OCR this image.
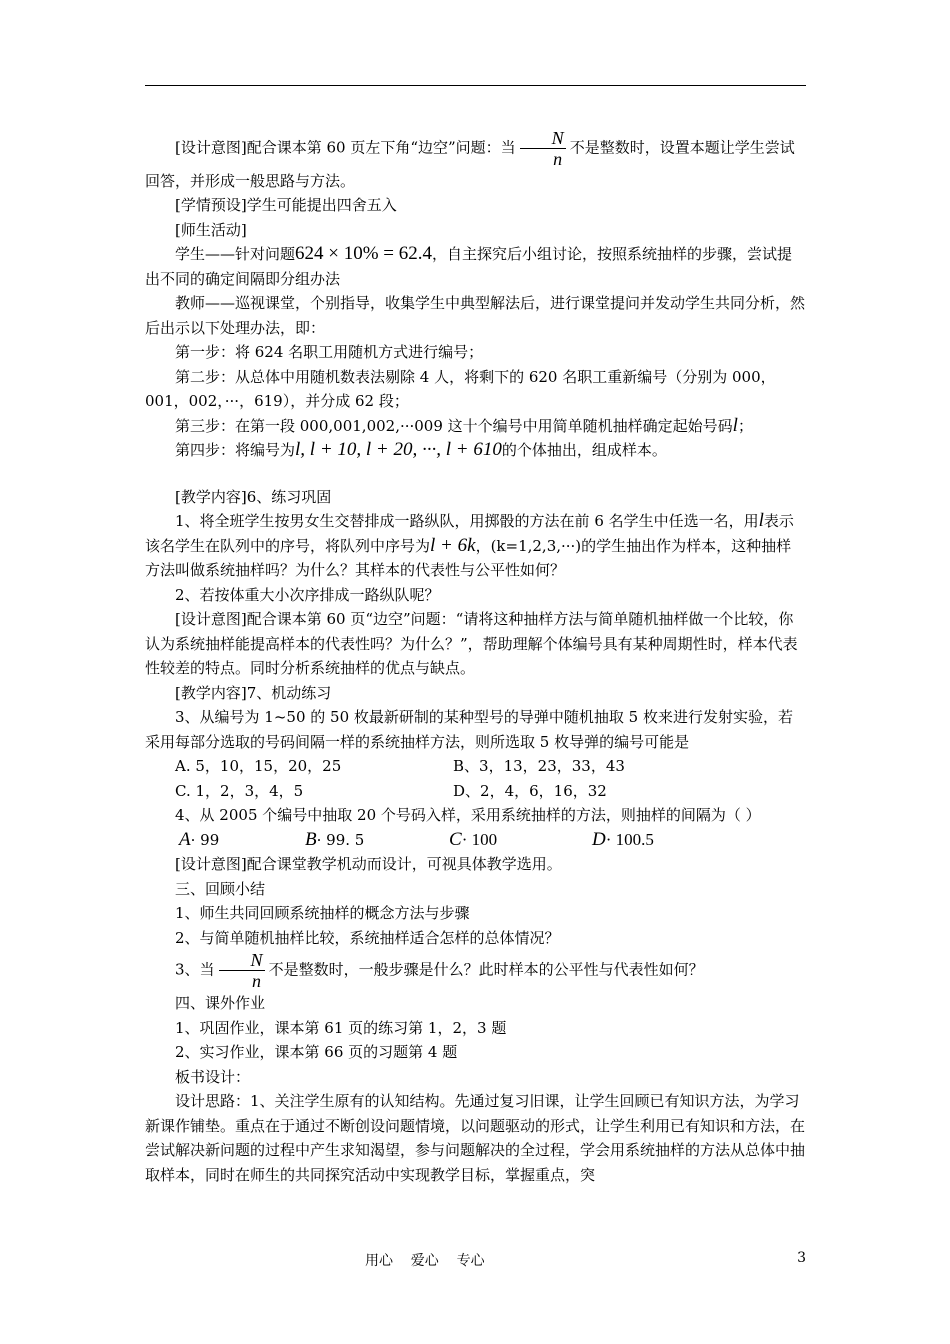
[设计意图]配合课本第 60 页左下角“边空”问题：当 $\frac{N}{n}$ 不是整数时，设置本题让学生尝试回答，并形成一般思路与方法。

[学情预设]学生可能提出四舍五入

[师生活动]

学生——针对问题624 × 10% = 62.4，自主探究后小组讨论，按照系统抽样的步骤，尝试提出不同的确定间隔即分组办法

教师——巡视课堂，个别指导，收集学生中典型解法后，进行课堂提问并发动学生共同分析，然后出示以下处理办法，即：

第一步：将 624 名职工用随机方式进行编号；

第二步：从总体中用随机数表法剔除 4 人，将剩下的 620 名职工重新编号（分别为 000，001，002，···，619），并分成 62 段；

第三步：在第一段 000,001,002,···009 这十个编号中用简单随机抽样确定起始号码l；

第四步：将编号为l, l + 10, l + 20, ···, l + 610的个体抽出，组成样本。

[教学内容]6、练习巩固

1、将全班学生按男女生交替排成一路纵队，用掷骰的方法在前 6 名学生中任选一名，用l表示该名学生在队列中的序号，将队列中序号为l + 6k，(k=1,2,3,···)的学生抽出作为样本，这种抽样方法叫做系统抽样吗？为什么？其样本的代表性与公平性如何？

2、若按体重大小次序排成一路纵队呢？

[设计意图]配合课本第 60 页“边空”问题：“请将这种抽样方法与简单随机抽样做一个比较，你认为系统抽样能提高样本的代表性吗？为什么？”，帮助理解个体编号具有某种周期性时，样本代表性较差的特点。同时分析系统抽样的优点与缺点。

[教学内容]7、机动练习

3、从编号为 1~50 的 50 枚最新研制的某种型号的导弹中随机抽取 5 枚来进行发射实验，若采用每部分选取的号码间隔一样的系统抽样方法，则所选取 5 枚导弹的编号可能是

A. 5，10，15，20，25	B、3，13，23，33，43
C. 1，2，3，4，5	D、2，4，6，16，32

4、从 2005 个编号中抽取 20 个号码入样，采用系统抽样的方法，则抽样的间隔为（ ）

A· 99	B· 99. 5	C· 100	D· 100.5

[设计意图]配合课堂教学机动而设计，可视具体教学选用。

三、回顾小结

1、师生共同回顾系统抽样的概念方法与步骤

2、与简单随机抽样比较，系统抽样适合怎样的总体情况？

3、当 $\frac{N}{n}$ 不是整数时，一般步骤是什么？此时样本的公平性与代表性如何？

四、课外作业

1、巩固作业，课本第 61 页的练习第 1，2，3 题

2、实习作业，课本第 66 页的习题第 4 题

板书设计：

设计思路：1、关注学生原有的认知结构。先通过复习旧课，让学生回顾已有知识方法，为学习新课作铺垫。重点在于通过不断创设问题情境，以问题驱动的形式，让学生利用已有知识和方法，在尝试解决新问题的过程中产生求知渴望，参与问题解决的全过程，学会用系统抽样的方法从总体中抽取样本，同时在师生的共同探究活动中实现教学目标，掌握重点，突

用心    爱心    专心	3
